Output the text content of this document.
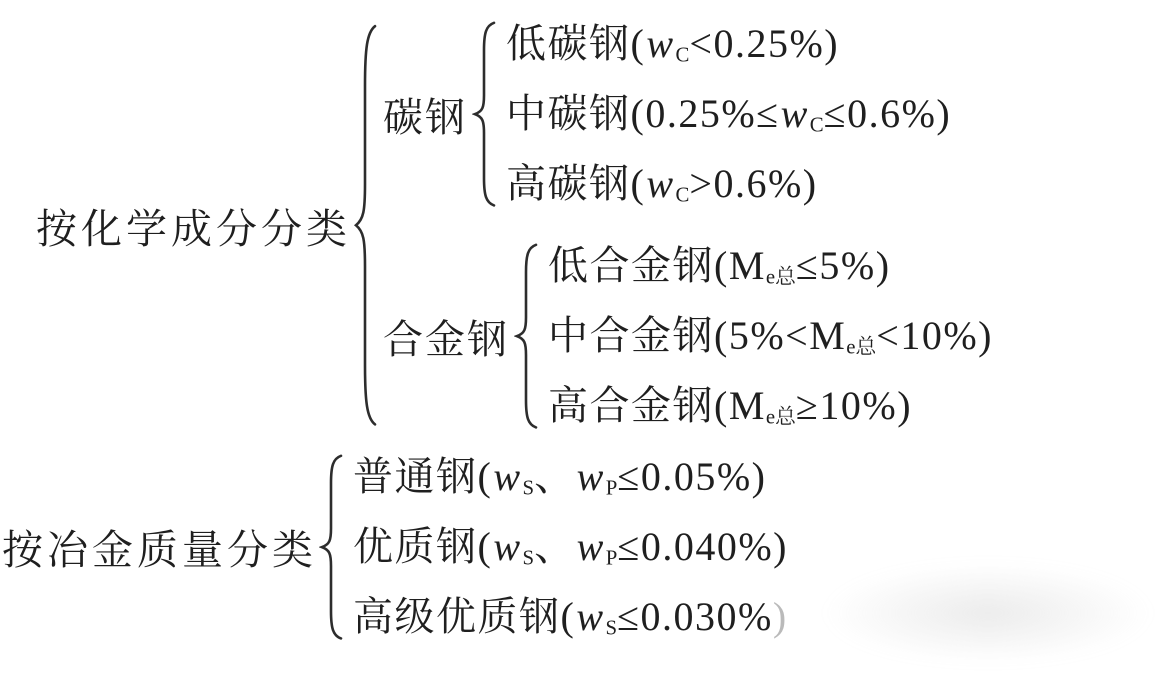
按化学成分分类
碳钢
低碳钢(wC<0.25%)
中碳钢(0.25%≤wC≤0.6%)
高碳钢(wC>0.6%)
合金钢
低合金钢(Me总≤5%)
中合金钢(5%<Me总<10%)
高合金钢(Me总≥10%)
按冶金质量分类
普通钢(wS、wP≤0.05%)
优质钢(wS、wP≤0.040%)
高级优质钢(wS≤0.030%)
